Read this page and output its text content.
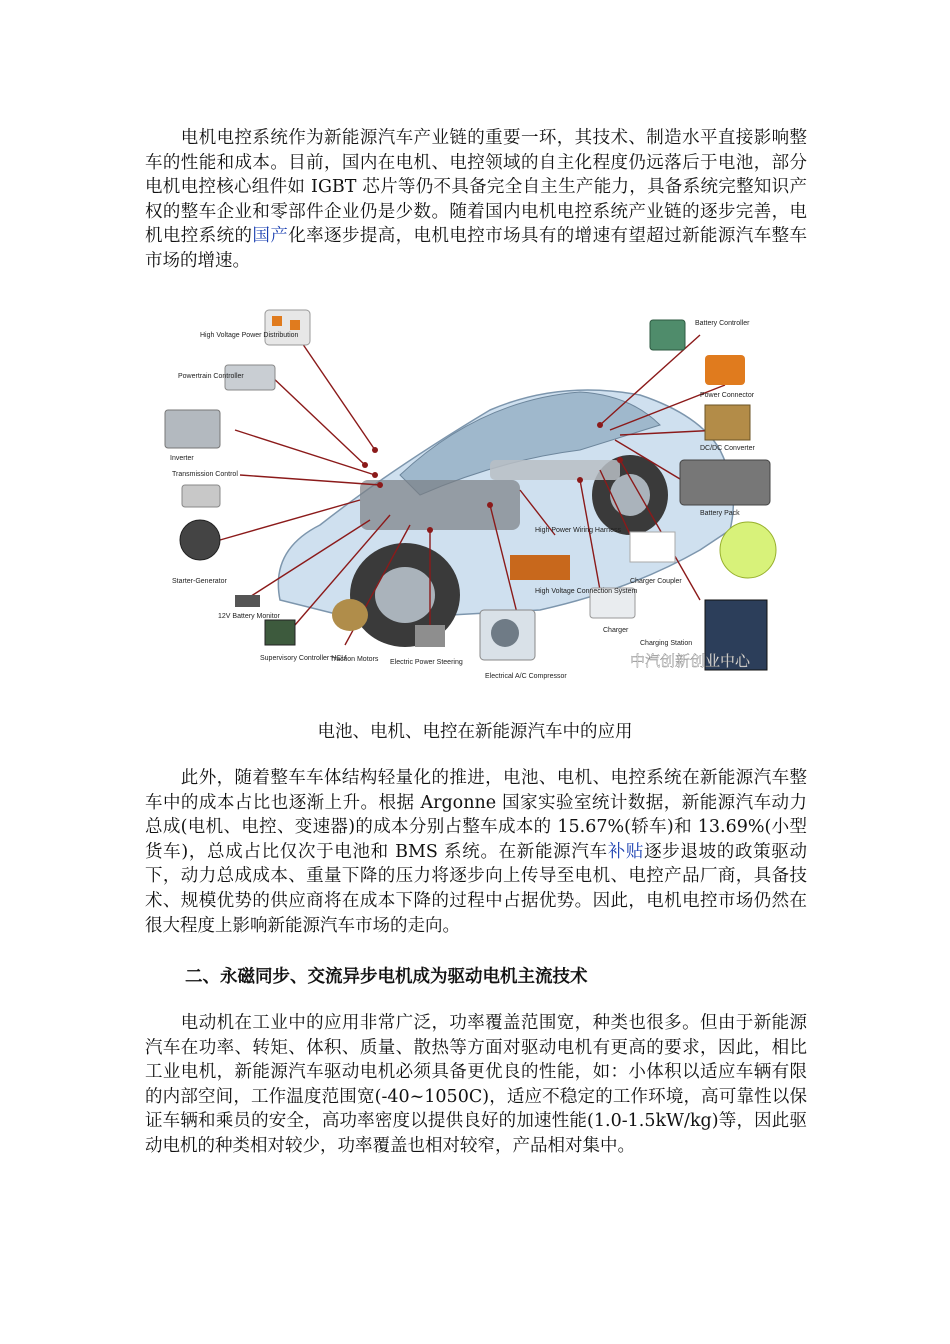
　　电机电控系统作为新能源汽车产业链的重要一环，其技术、制造水平直接影响整车的性能和成本。目前，国内在电机、电控领域的自主化程度仍远落后于电池，部分电机电控核心组件如 IGBT 芯片等仍不具备完全自主生产能力，具备系统完整知识产权的整车企业和零部件企业仍是少数。随着国内电机电控系统产业链的逐步完善，电机电控系统的国产化率逐步提高，电机电控市场具有的增速有望超过新能源汽车整车市场的增速。

High Voltage Power Distribution
Powertrain Controller
Inverter
Transmission Control
Starter-Generator
12V Battery Monitor
Supervisory Controller HCU
Traction Motors Electric Power Steering
Electrical A/C Compressor
High Power Wiring Harness
High Voltage Connection System
Charger
Charging Station
Charger Coupler
Battery Pack
DC/DC Converter
Power Connector
Battery Controller
中汽创新创业中心

电池、电机、电控在新能源汽车中的应用

　　此外，随着整车车体结构轻量化的推进，电池、电机、电控系统在新能源汽车整车中的成本占比也逐渐上升。根据 Argonne 国家实验室统计数据，新能源汽车动力总成(电机、电控、变速器)的成本分别占整车成本的 15.67%(轿车)和 13.69%(小型货车)，总成占比仅次于电池和 BMS 系统。在新能源汽车补贴逐步退坡的政策驱动下，动力总成成本、重量下降的压力将逐步向上传导至电机、电控产品厂商，具备技术、规模优势的供应商将在成本下降的过程中占据优势。因此，电机电控市场仍然在很大程度上影响新能源汽车市场的走向。

二、永磁同步、交流异步电机成为驱动电机主流技术

　　电动机在工业中的应用非常广泛，功率覆盖范围宽，种类也很多。但由于新能源汽车在功率、转矩、体积、质量、散热等方面对驱动电机有更高的要求，因此，相比工业电机，新能源汽车驱动电机必须具备更优良的性能，如：小体积以适应车辆有限的内部空间，工作温度范围宽(-40~1050C)，适应不稳定的工作环境，高可靠性以保证车辆和乘员的安全，高功率密度以提供良好的加速性能(1.0-1.5kW/kg)等，因此驱动电机的种类相对较少，功率覆盖也相对较窄，产品相对集中。
